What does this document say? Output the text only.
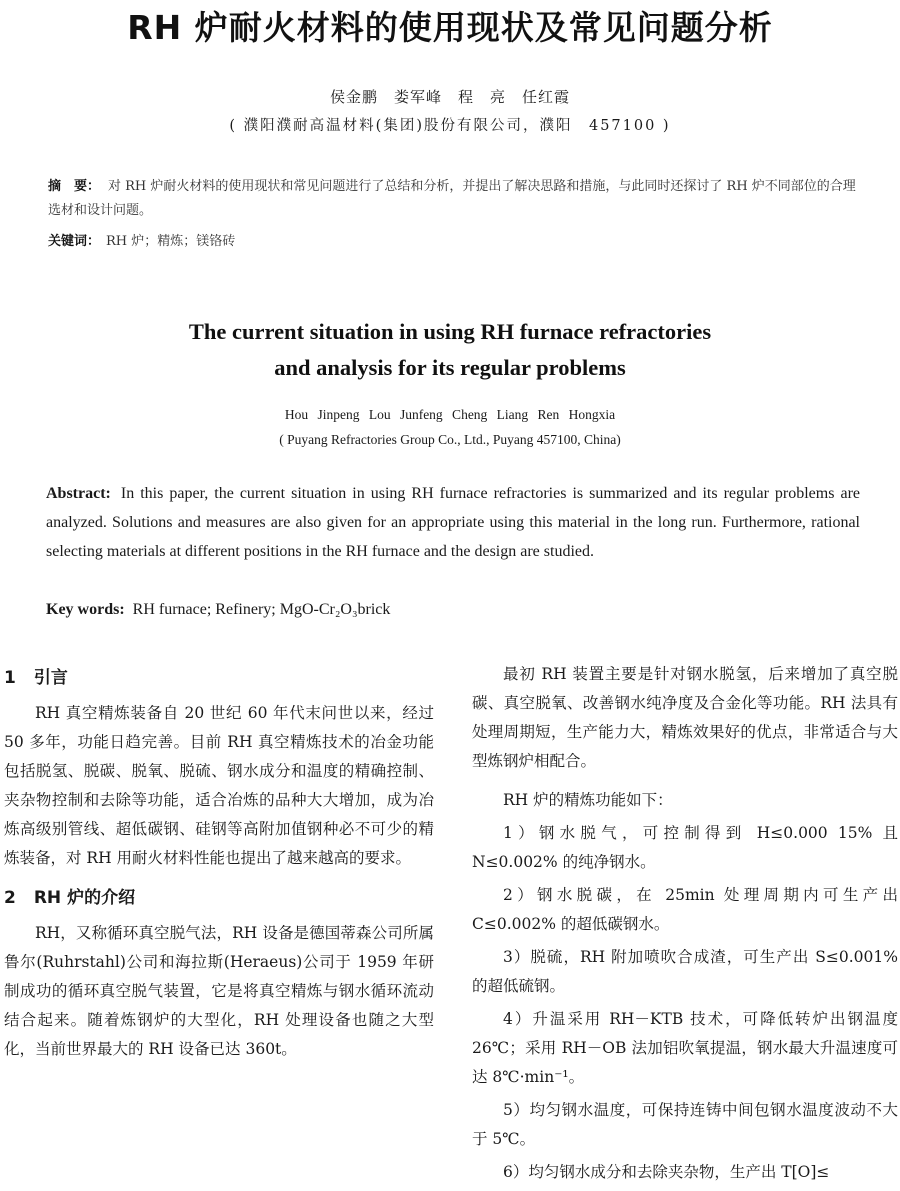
RH 炉耐火材料的使用现状及常见问题分析
侯金鹏　娄军峰　程　亮　任红霞
( 濮阳濮耐高温材料(集团)股份有限公司，濮阳　457100 )
摘　要： 对 RH 炉耐火材料的使用现状和常见问题进行了总结和分析，并提出了解决思路和措施，与此同时还探讨了 RH 炉不同部位的合理选材和设计问题。
关键词： RH 炉；精炼；镁铬砖
The current situation in using RH furnace refractories
and analysis for its regular problems
Hou Jinpeng Lou Junfeng Cheng Liang Ren Hongxia
( Puyang Refractories Group Co., Ltd., Puyang 457100, China)
Abstract: In this paper, the current situation in using RH furnace refractories is summarized and its regular problems are analyzed. Solutions and measures are also given for an appropriate using this material in the long run. Furthermore, rational selecting materials at different positions in the RH furnace and the design are studied.
Key words: RH furnace; Refinery; MgO-Cr₂O₃brick
1 引言

RH 真空精炼装备自 20 世纪 60 年代末问世以来，经过 50 多年，功能日趋完善。目前 RH 真空精炼技术的冶金功能包括脱氢、脱碳、脱氧、脱硫、钢水成分和温度的精确控制、夹杂物控制和去除等功能，适合冶炼的品种大大增加，成为冶炼高级别管线、超低碳钢、硅钢等高附加值钢种必不可少的精炼装备，对 RH 用耐火材料性能也提出了越来越高的要求。

2 RH 炉的介绍

RH，又称循环真空脱气法，RH 设备是德国蒂森公司所属鲁尔(Ruhrstahl)公司和海拉斯(Heraeus)公司于 1959 年研制成功的循环真空脱气装置，它是将真空精炼与钢水循环流动结合起来。随着炼钢炉的大型化，RH 处理设备也随之大型化，当前世界最大的 RH 设备已达 360t。

最初 RH 装置主要是针对钢水脱氢，后来增加了真空脱碳、真空脱氧、改善钢水纯净度及合金化等功能。RH 法具有处理周期短，生产能力大，精炼效果好的优点，非常适合与大型炼钢炉相配合。

RH 炉的精炼功能如下：

1）钢水脱气，可控制得到 H≤0.000 15% 且N≤0.002% 的纯净钢水。

2）钢水脱碳，在 25min 处理周期内可生产出C≤0.002% 的超低碳钢水。

3）脱硫，RH 附加喷吹合成渣，可生产出 S≤0.001% 的超低硫钢。

4）升温采用 RH－KTB 技术，可降低转炉出钢温度 26℃；采用 RH－OB 法加铝吹氧提温，钢水最大升温速度可达 8℃·min⁻¹。

5）均匀钢水温度，可保持连铸中间包钢水温度波动不大于 5℃。

6）均匀钢水成分和去除夹杂物，生产出 T[O]≤
